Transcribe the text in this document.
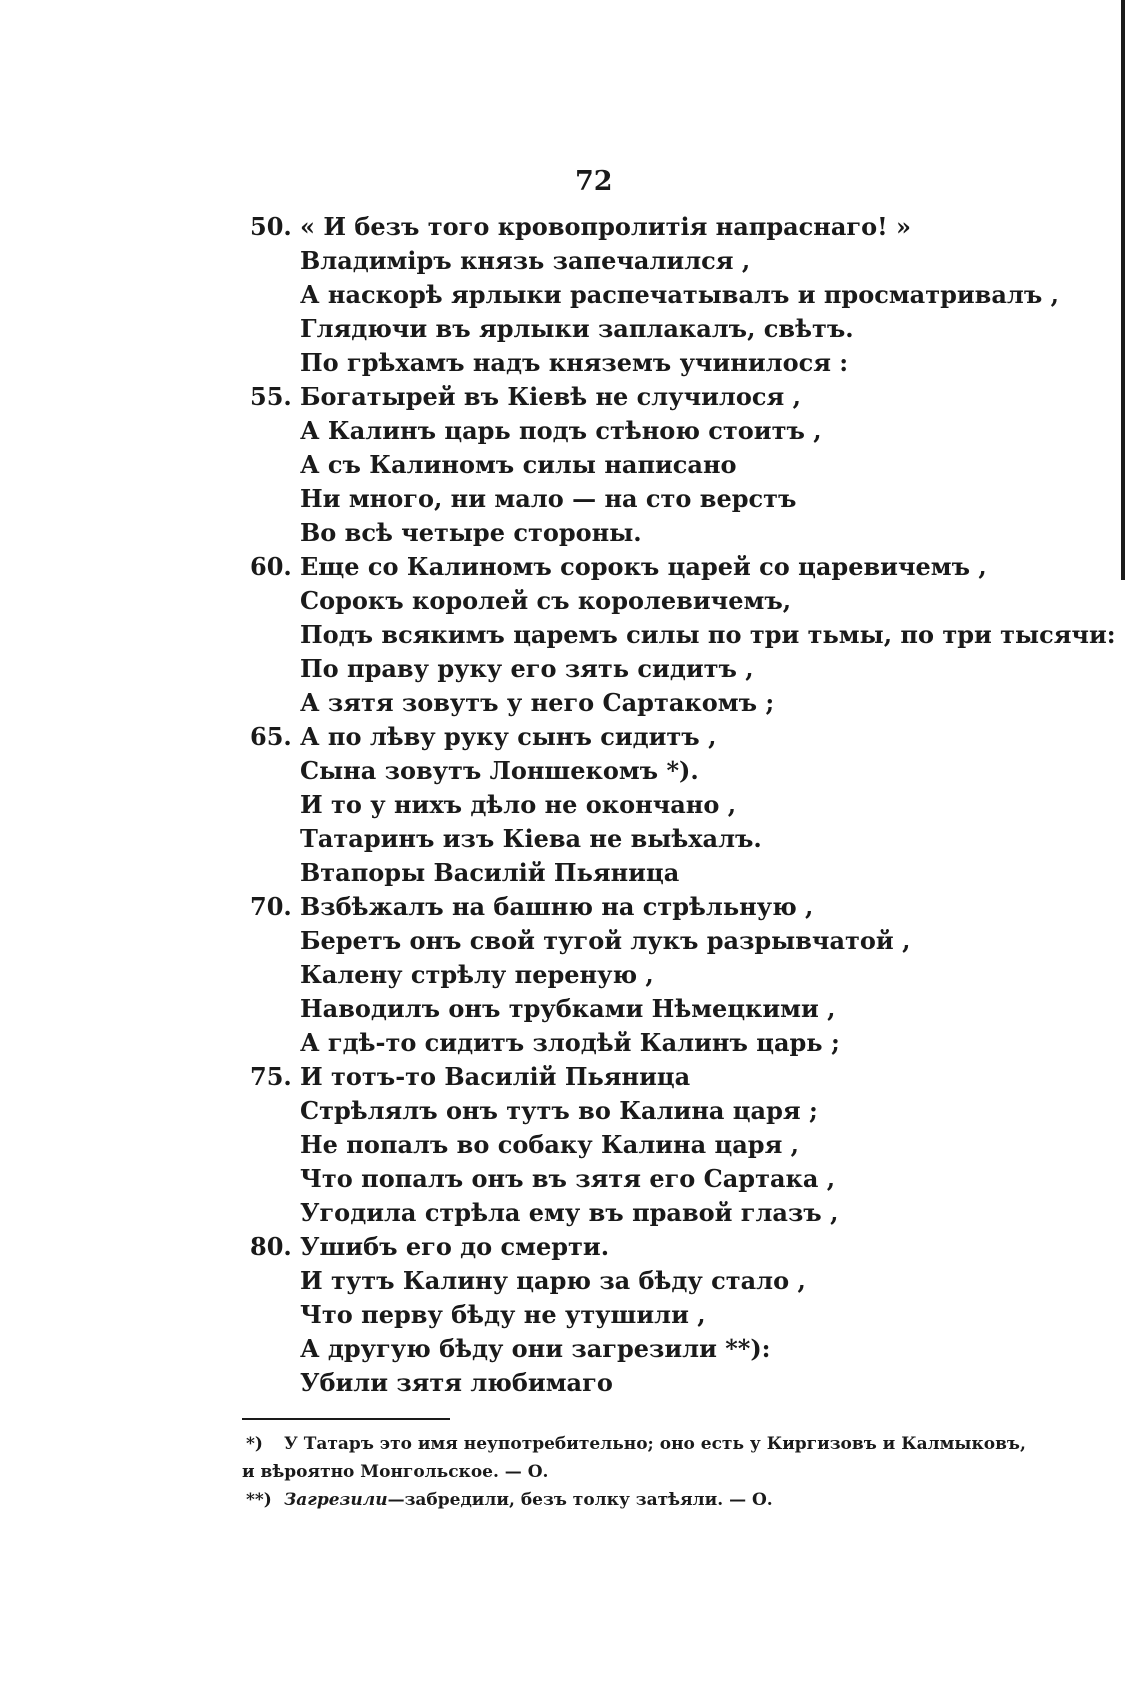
72
50. « И безъ того кровопролитія напраснаго! »
Владиміръ князь запечалился ,
А наскорѣ ярлыки распечатывалъ и просматривалъ ,
Глядючи въ ярлыки заплакалъ, свѣтъ.
По грѣхамъ надъ княземъ учинилося :
55. Богатырей въ Кіевѣ не случилося ,
А Калинъ царь подъ стѣною стоитъ ,
А съ Калиномъ силы написано
Ни много, ни мало — на сто верстъ
Во всѣ четыре стороны.
60. Еще со Калиномъ сорокъ царей со царевичемъ ,
Сорокъ королей съ королевичемъ,
Подъ всякимъ царемъ силы по три тьмы, по три тысячи:
По праву руку его зять сидитъ ,
А зятя зовутъ у него Сартакомъ ;
65. А по лѣву руку сынъ сидитъ ,
Сына зовутъ Лоншекомъ *).
И то у нихъ дѣло не окончано ,
Татаринъ изъ Кіева не выѣхалъ.
Втапоры Василій Пьяница
70. Взбѣжалъ на башню на стрѣльную ,
Беретъ онъ свой тугой лукъ разрывчатой ,
Калену стрѣлу переную ,
Наводилъ онъ трубками Нѣмецкими ,
А гдѣ-то сидитъ злодѣй Калинъ царь ;
75. И тотъ-то Василій Пьяница
Стрѣлялъ онъ тутъ во Калина царя ;
Не попалъ во собаку Калина царя ,
Что попалъ онъ въ зятя его Сартака ,
Угодила стрѣла ему въ правой глазъ ,
80. Ушибъ его до смерти.
И тутъ Калину царю за бѣду стало ,
Что перву бѣду не утушили ,
А другую бѣду они загрезили **):
Убили зятя любимаго
*) У Татаръ это имя неупотребительно; оно есть у Киргизовъ и Калмыковъ,
и вѣроятно Монгольское. — О.
**) Загрезили—забредили, безъ толку затѣяли. — О.
